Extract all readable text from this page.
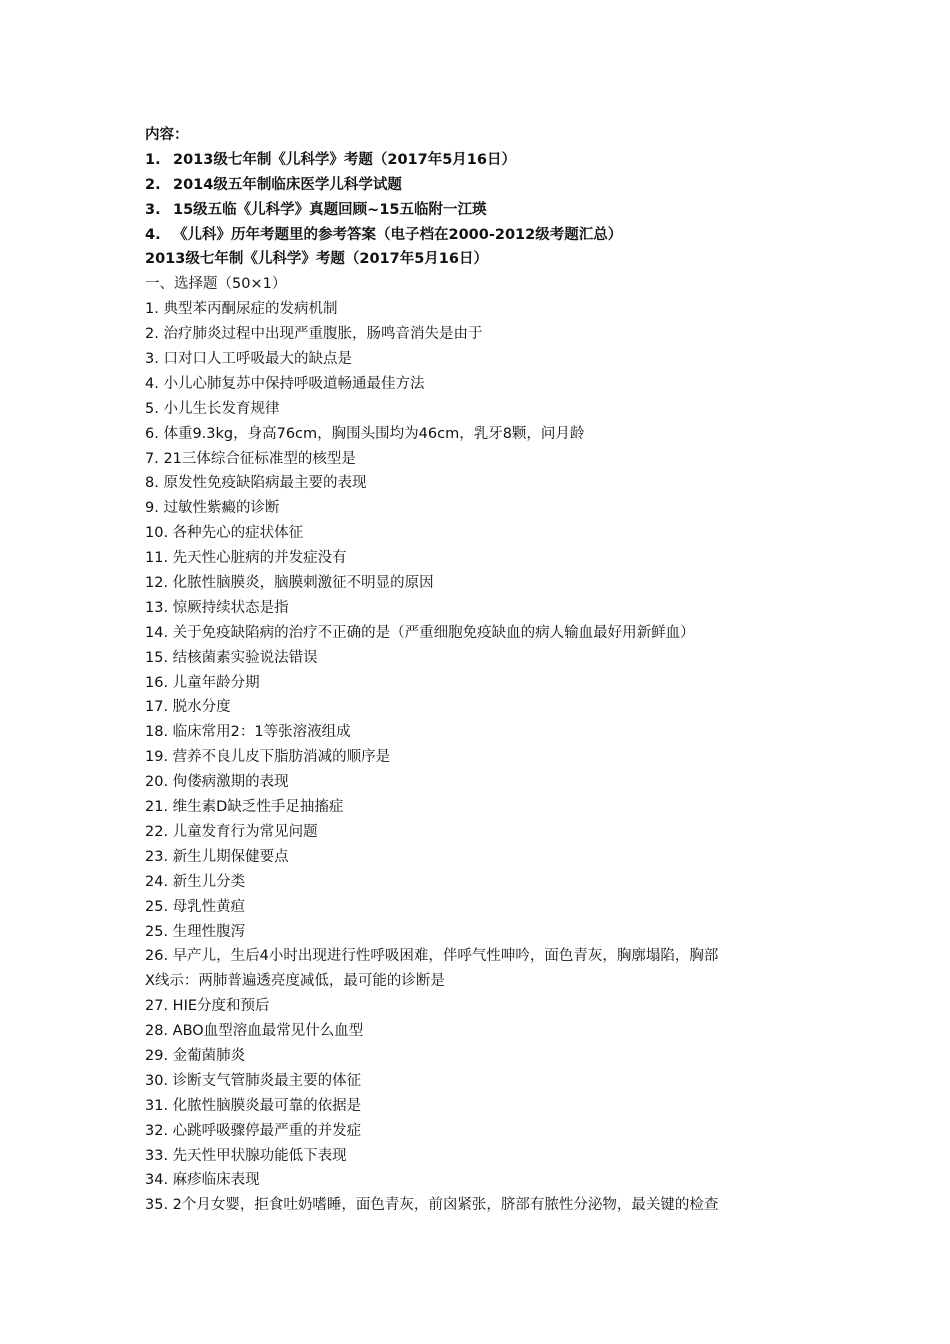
内容：
1. 2013级七年制《儿科学》考题（2017年5月16日）
2. 2014级五年制临床医学儿科学试题
3. 15级五临《儿科学》真题回顾~15五临附一江瑛
4. 《儿科》历年考题里的参考答案（电子档在2000-2012级考题汇总）
2013级七年制《儿科学》考题（2017年5月16日）
一、选择题（50×1）
1. 典型苯丙酮尿症的发病机制
2. 治疗肺炎过程中出现严重腹胀，肠鸣音消失是由于
3. 口对口人工呼吸最大的缺点是
4. 小儿心肺复苏中保持呼吸道畅通最佳方法
5. 小儿生长发育规律
6. 体重9.3kg，身高76cm，胸围头围均为46cm，乳牙8颗，问月龄
7. 21三体综合征标准型的核型是
8. 原发性免疫缺陷病最主要的表现
9. 过敏性紫癜的诊断
10. 各种先心的症状体征
11. 先天性心脏病的并发症没有
12. 化脓性脑膜炎，脑膜刺激征不明显的原因
13. 惊厥持续状态是指
14. 关于免疫缺陷病的治疗不正确的是（严重细胞免疫缺血的病人输血最好用新鲜血）
15. 结核菌素实验说法错误
16. 儿童年龄分期
17. 脱水分度
18. 临床常用2：1等张溶液组成
19. 营养不良儿皮下脂肪消减的顺序是
20. 佝偻病激期的表现
21. 维生素D缺乏性手足抽搐症
22. 儿童发育行为常见问题
23. 新生儿期保健要点
24. 新生儿分类
25. 母乳性黄疸
25. 生理性腹泻
26. 早产儿，生后4小时出现进行性呼吸困难，伴呼气性呻吟，面色青灰，胸廓塌陷，胸部
X线示：两肺普遍透亮度减低，最可能的诊断是
27. HIE分度和预后
28. ABO血型溶血最常见什么血型
29. 金葡菌肺炎
30. 诊断支气管肺炎最主要的体征
31. 化脓性脑膜炎最可靠的依据是
32. 心跳呼吸骤停最严重的并发症
33. 先天性甲状腺功能低下表现
34. 麻疹临床表现
35. 2个月女婴，拒食吐奶嗜睡，面色青灰，前囟紧张，脐部有脓性分泌物，最关键的检查
